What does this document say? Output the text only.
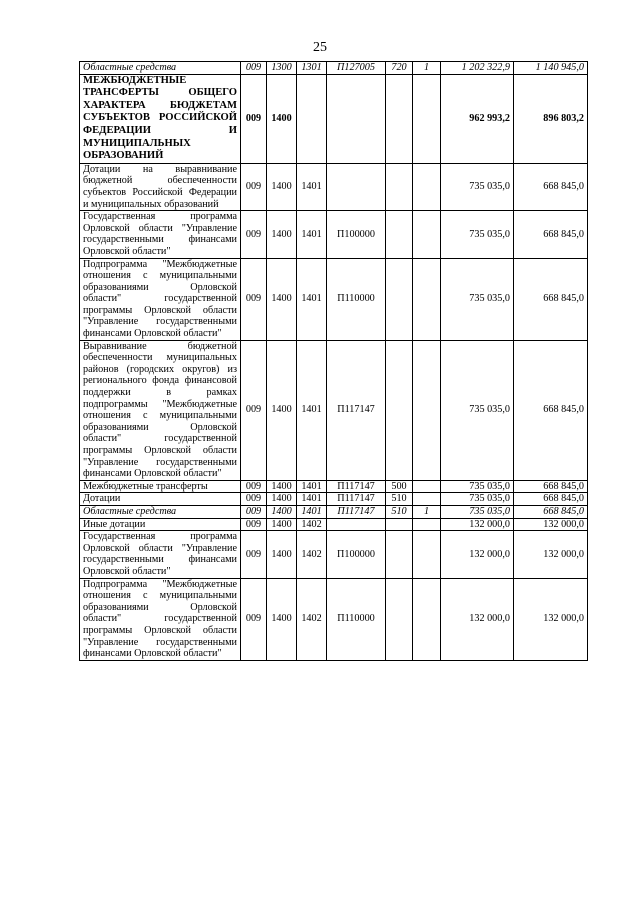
25
Областные средства	009	1300	1301	П127005	720	1	1 202 322,9	1 140 945,0
МЕЖБЮДЖЕТНЫЕ ТРАНСФЕРТЫ ОБЩЕГО ХАРАКТЕРА БЮДЖЕТАМ СУБЪЕКТОВ РОССИЙСКОЙ ФЕДЕРАЦИИ И МУНИЦИПАЛЬНЫХ ОБРАЗОВАНИЙ	009	1400					962 993,2	896 803,2
Дотации на выравнивание бюджетной обеспеченности субъектов Российской Федерации и муниципальных образований	009	1400	1401				735 035,0	668 845,0
Государственная программа Орловской области "Управление государственными финансами Орловской области"	009	1400	1401	П100000			735 035,0	668 845,0
Подпрограмма "Межбюджетные отношения с муниципальными образованиями Орловской области" государственной программы Орловской области "Управление государственными финансами Орловской области"	009	1400	1401	П110000			735 035,0	668 845,0
Выравнивание бюджетной обеспеченности муниципальных районов (городских округов) из регионального фонда финансовой поддержки в рамках подпрограммы "Межбюджетные отношения с муниципальными образованиями Орловской области" государственной программы Орловской области "Управление государственными финансами Орловской области"	009	1400	1401	П117147			735 035,0	668 845,0
Межбюджетные трансферты	009	1400	1401	П117147	500		735 035,0	668 845,0
Дотации	009	1400	1401	П117147	510		735 035,0	668 845,0
Областные средства	009	1400	1401	П117147	510	1	735 035,0	668 845,0
Иные дотации	009	1400	1402				132 000,0	132 000,0
Государственная программа Орловской области "Управление государственными финансами Орловской области"	009	1400	1402	П100000			132 000,0	132 000,0
Подпрограмма "Межбюджетные отношения с муниципальными образованиями Орловской области" государственной программы Орловской области "Управление государственными финансами Орловской области"	009	1400	1402	П110000			132 000,0	132 000,0
